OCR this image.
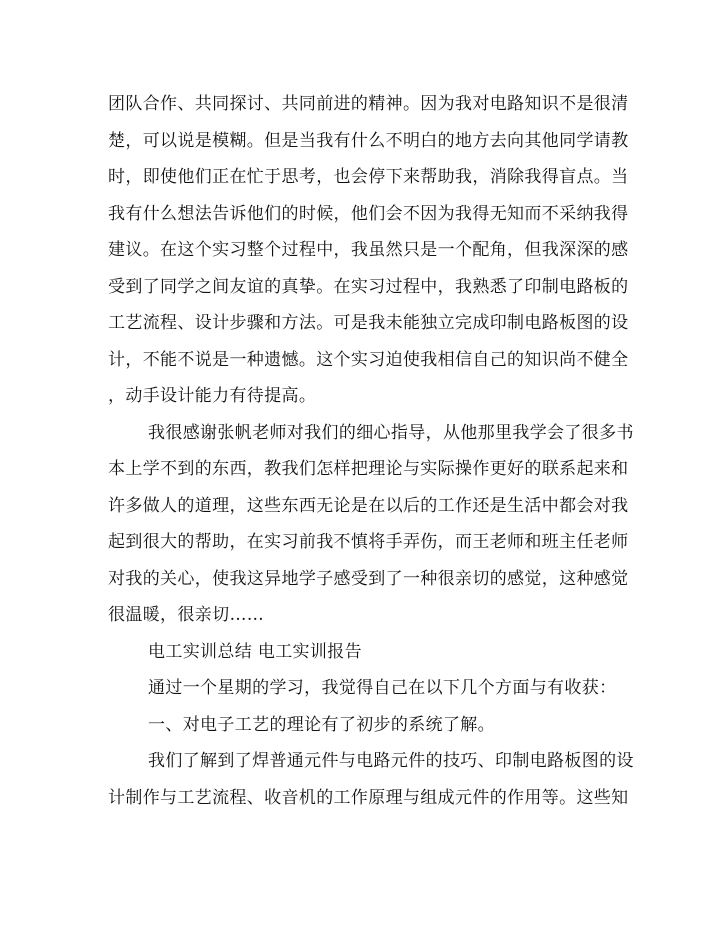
团队合作、共同探讨、共同前进的精神。因为我对电路知识不是很清
楚，可以说是模糊。但是当我有什么不明白的地方去向其他同学请教
时，即使他们正在忙于思考，也会停下来帮助我，消除我得盲点。当
我有什么想法告诉他们的时候，他们会不因为我得无知而不采纳我得
建议。在这个实习整个过程中，我虽然只是一个配角，但我深深的感
受到了同学之间友谊的真挚。在实习过程中，我熟悉了印制电路板的
工艺流程、设计步骤和方法。可是我未能独立完成印制电路板图的设
计，不能不说是一种遗憾。这个实习迫使我相信自己的知识尚不健全
，动手设计能力有待提高。
我很感谢张帆老师对我们的细心指导，从他那里我学会了很多书
本上学不到的东西，教我们怎样把理论与实际操作更好的联系起来和
许多做人的道理，这些东西无论是在以后的工作还是生活中都会对我
起到很大的帮助，在实习前我不慎将手弄伤，而王老师和班主任老师
对我的关心，使我这异地学子感受到了一种很亲切的感觉，这种感觉
很温暖，很亲切……
电工实训总结 电工实训报告
通过一个星期的学习，我觉得自己在以下几个方面与有收获：
一、对电子工艺的理论有了初步的系统了解。
我们了解到了焊普通元件与电路元件的技巧、印制电路板图的设
计制作与工艺流程、收音机的工作原理与组成元件的作用等。这些知
